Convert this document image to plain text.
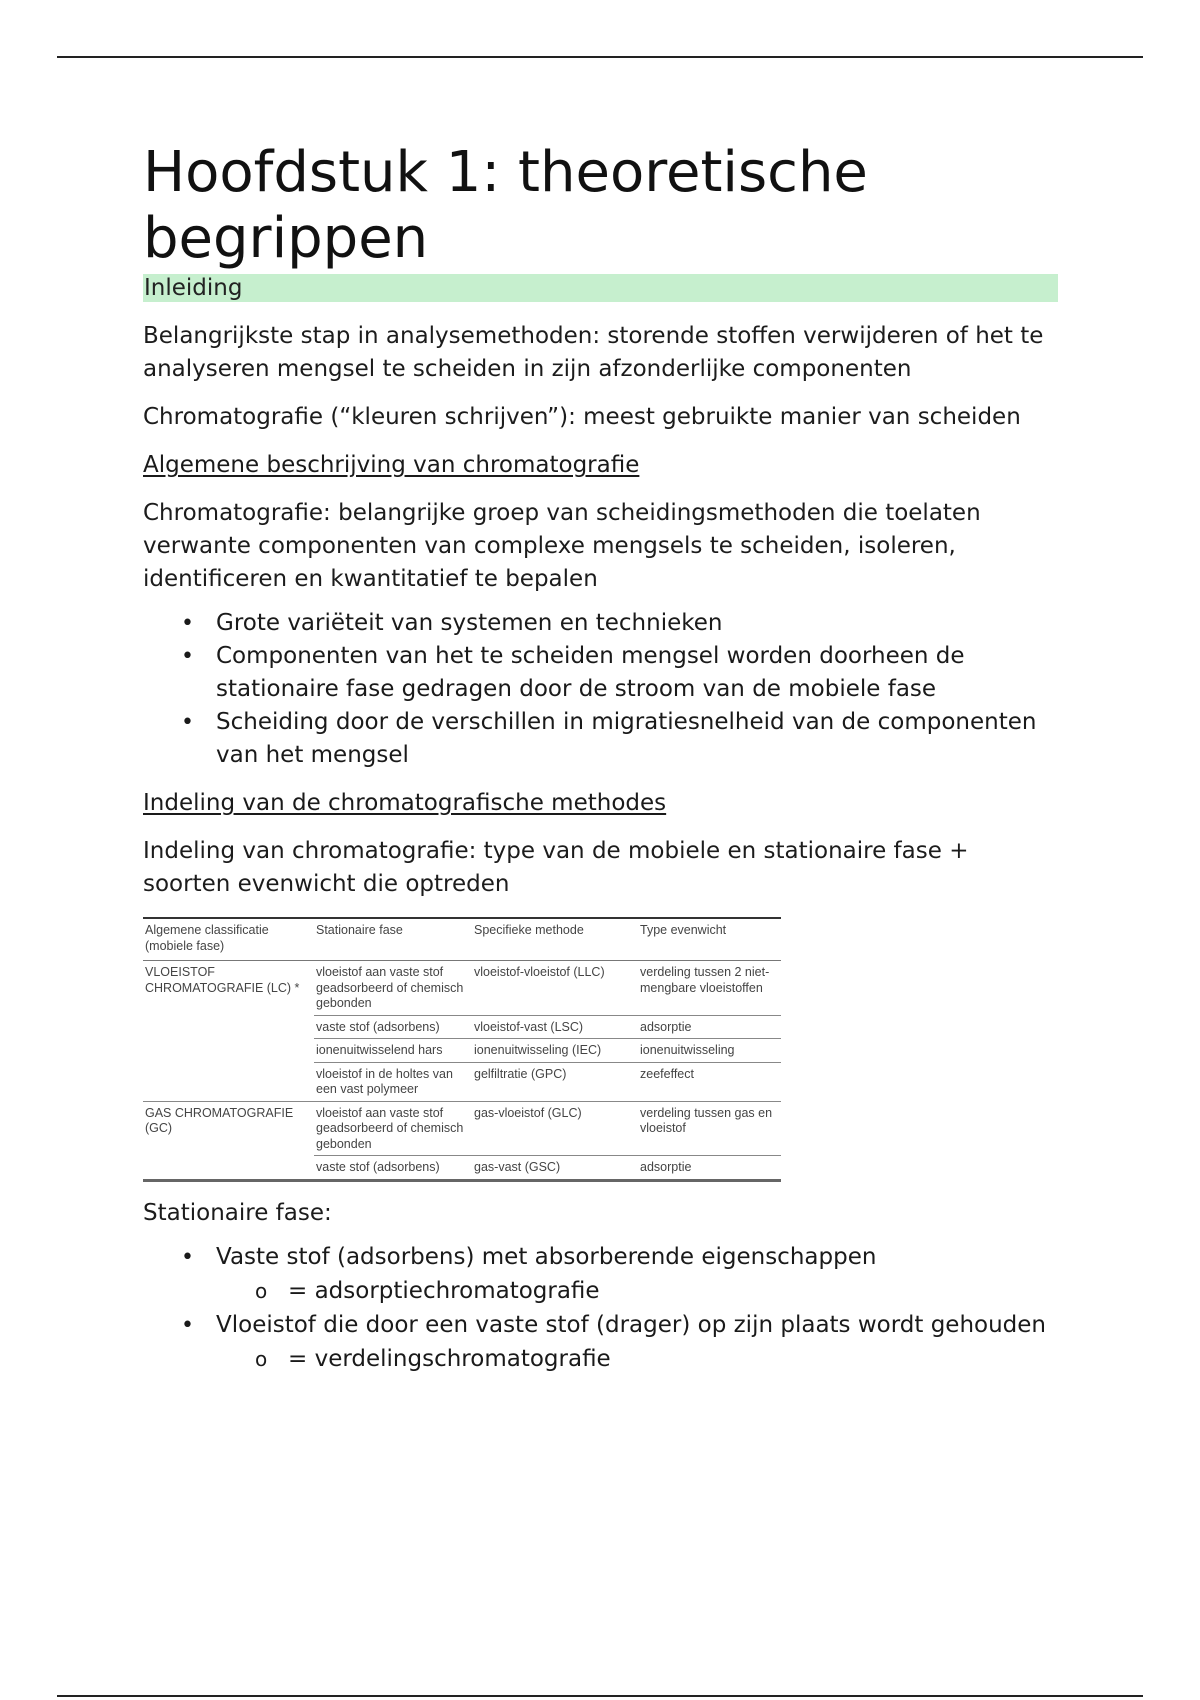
Hoofdstuk 1: theoretische begrippen
Inleiding

Belangrijkste stap in analysemethoden: storende stoffen verwijderen of het te analyseren mengsel te scheiden in zijn afzonderlijke componenten

Chromatografie (“kleuren schrijven”): meest gebruikte manier van scheiden

Algemene beschrijving van chromatografie

Chromatografie: belangrijke groep van scheidingsmethoden die toelaten verwante componenten van complexe mengsels te scheiden, isoleren, identificeren en kwantitatief te bepalen

• Grote variëteit van systemen en technieken
• Componenten van het te scheiden mengsel worden doorheen de stationaire fase gedragen door de stroom van de mobiele fase
• Scheiding door de verschillen in migratiesnelheid van de componenten van het mengsel
Indeling van de chromatografische methodes

Indeling van chromatografie: type van de mobiele en stationaire fase + soorten evenwicht die optreden

Algemene classificatie (mobiele fase)	Stationaire fase	Specifieke methode	Type evenwicht
VLOEISTOF CHROMATOGRAFIE (LC) *	vloeistof aan vaste stof geadsorbeerd of chemisch gebonden	vloeistof-vloeistof (LLC)	verdeling tussen 2 niet-mengbare vloeistoffen
	vaste stof (adsorbens)	vloeistof-vast (LSC)	adsorptie
	ionenuitwisselend hars	ionenuitwisseling (IEC)	ionenuitwisseling
	vloeistof in de holtes van een vast polymeer	gelfiltratie (GPC)	zeefeffect
GAS CHROMATOGRAFIE (GC)	vloeistof aan vaste stof geadsorbeerd of chemisch gebonden	gas-vloeistof (GLC)	verdeling tussen gas en vloeistof
	vaste stof (adsorbens)	gas-vast (GSC)	adsorptie

Stationaire fase:

• Vaste stof (adsorbens) met absorberende eigenschappen
o = adsorptiechromatografie
• Vloeistof die door een vaste stof (drager) op zijn plaats wordt gehouden
o = verdelingschromatografie
